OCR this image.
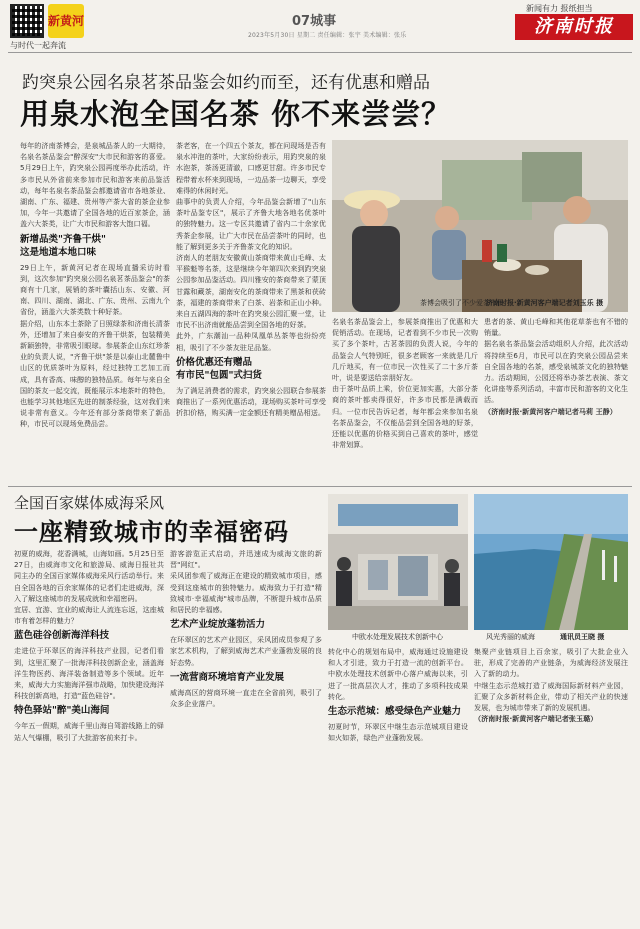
新黄河
与时代一起奔流
07城事
2023年5月30日 星期二 责任编辑：张宇 美术编辑：张乐
新闻有力 报纸担当
济南时报
趵突泉公园名泉茗茶品鉴会如约而至，还有优惠和赠品
用泉水泡全国名茶 你不来尝尝？

每年的济南茶博会，是泉城品茶人的一大期待，名泉名茶品鉴会"醉深安"大市民和游客的喜爱。5月29日上午，趵突泉公园再度举办此活动，许多市民从外省前来参加市民和游客来前品鉴活动，每年名泉名茶品鉴会都邀请省市各地茶业、湖南、广东、福建、贵州等产茶大省的茶企业参加，今年一共邀请了全国各地的近百家茶企，涵盖六大茶类，让广大市民和游客大饱口福。

新增品类"齐鲁干烘"
这是地道本地口味

29日上午，新黄河记者在现场直播采访时看到，这次参加"趵突泉公园名泉茗茶品鉴会"的茶商有十几家，展销的茶叶囊括山东、安徽、河南、四川、湖南、湖北、广东、贵州、云南九个省份，涵盖六大茶类数十种好茶。

据介绍，山东本土茶除了日照绿茶和济南长清茶外，还增加了来自泰安的齐鲁干烘茶，包装精美新颖独特，非常吸引眼球。参展茶企山东红珍茶业的负责人说，"齐鲁干烘"茶是以泰山北麓鲁中山区的优质茶叶为原料，经过独特工艺加工而成，具有香高、味醇的独特品质。每年与来自全国的茶友一起交流，既能展示本地茶叶的特色，也能学习其他地区先进的制茶经验，这对我们来说非常有意义。今年还有部分茶商带来了新品种，市民可以现场免费品尝。

茶老客，在一个四五个茶友，都在问现场是否有泉水冲泡的茶叶，大家纷纷表示，用趵突泉的泉水泡茶，茶汤更清澈，口感更甘甜。许多市民专程带着水杯来到现场，一边品茶一边聊天，享受难得的休闲时光。

曲事中的负责人介绍，今年品鉴会新增了"山东茶叶品鉴专区"，展示了齐鲁大地各地名优茶叶的独特魅力。这一专区共邀请了省内二十余家优秀茶企参展，让广大市民在品尝茶叶的同时，也能了解到更多关于齐鲁茶文化的知识。

济南人的老朋友安徽黄山茶商带来黄山毛峰、太平猴魁等名茶，这是继续今年第四次来到趵突泉公园参加品鉴活动。四川雅安的茶商带来了蒙顶甘露和藏茶，湖南安化的茶商带来了黑茶和茯砖茶，福建的茶商带来了白茶、岩茶和正山小种。来自五湖四海的茶叶在趵突泉公园汇聚一堂，让市民不出济南就能品尝到全国各地的好茶。

此外，广东潮汕一品种凤凰单丛茶等也纷纷亮相，吸引了不少茶友驻足品鉴。

价格优惠还有赠品
有市民"包圆"式扫货

为了满足消费者的需求，趵突泉公园联合参展茶商推出了一系列优惠活动，现场购买茶叶可享受折扣价格，购买满一定金额还有精美赠品相送。

茶博会吸引了不少爱茶市民
济南时报·新黄河客户端记者刘玉乐 摄

名泉名茶品鉴会上，参展茶商推出了优惠和大促销活动。在现场，记者看到不少市民一次购买了多个茶叶，古茗茶园的负责人说，今年的品鉴会人气特别旺，很多老顾客一来就是几斤几斤地买，有一位市民一次性买了二十多斤茶叶，说是要送给亲朋好友。

由于茶叶品质上乘，价位更加实惠，大部分茶商的茶叶都卖得很好，许多市民都是满载而归。一位市民告诉记者，每年都会来参加名泉名茶品鉴会，不仅能品尝到全国各地的好茶，还能以优惠的价格买到自己喜欢的茶叶，感觉非常划算。

患者的茶、黄山毛峰和其他花草茶也有不错的销量。

据名泉名茶品鉴会活动组织人介绍，此次活动将持续至6月，市民可以在趵突泉公园品尝来自全国各地的名茶，感受泉城茶文化的独特魅力。活动期间，公园还将举办茶艺表演、茶文化讲座等系列活动，丰富市民和游客的文化生活。

（济南时报·新黄河客户端记者马莉 王静）

全国百家媒体威海采风
一座精致城市的幸福密码

初夏的威海，花香满城，山海如画。5月25日至27日，由威海市文化和旅游局、威海日报社共同主办的全国百家媒体威海采风行活动举行。来自全国各地的百余家媒体的记者们走进威海，深入了解这座城市的发展成就和幸福密码。

宜居、宜游、宜业的威海让人流连忘返，这座城市有着怎样的魅力？

蓝色硅谷创新海洋科技

走进位于环翠区的海洋科技产业园，记者们看到，这里汇聚了一批海洋科技创新企业，涵盖海洋生物医药、海洋装备制造等多个领域。近年来，威海大力实施海洋强市战略，加快建设海洋科技创新高地，打造"蓝色硅谷"。

特色驿站"醉"美山海间

今年五一假期，威海千里山海自驾游线路上的驿站人气爆棚，吸引了大批游客前来打卡。

游客游览正式启动，并迅速成为威海文旅的新晋"网红"。

采风团参观了威海正在建设的精致城市项目，感受到这座城市的独特魅力。威海致力于打造"精致城市·幸福威海"城市品牌，不断提升城市品质和居民的幸福感。

艺术产业绽放蓬勃活力

在环翠区的艺术产业园区，采风团成员参观了多家艺术机构，了解到威海艺术产业蓬勃发展的良好态势。

一流营商环境培育产业发展

威海高区的营商环境一直走在全省前列，吸引了众多企业落户。

中欧水处理发展技术创新中心	风光秀丽的威海	通讯员王晓 摄

转化中心的规划布局中，威海通过设施建设和人才引进，致力于打造一流的创新平台。中欧水处理技术创新中心落户威海以来，引进了一批高层次人才，推动了多项科技成果转化。

生态示范城：感受绿色产业魅力

初夏时节，环翠区中继生态示范城项目建设如火如荼，绿色产业蓬勃发展。

集聚产业链项目上百余家，吸引了大批企业入驻，形成了完善的产业链条，为威海经济发展注入了新的动力。

中继生态示范城打造了威海国际新材料产业园，汇聚了众多新材料企业，带动了相关产业的快速发展，也为城市带来了新的发展机遇。

（济南时报·新黄河客户端记者张玉璐）
